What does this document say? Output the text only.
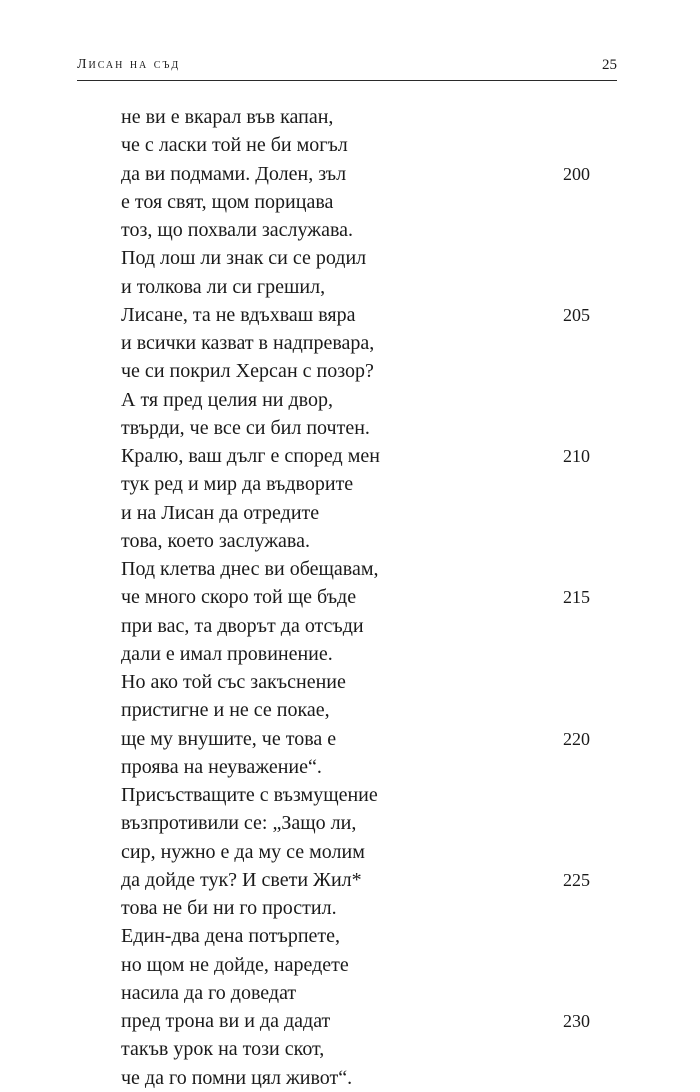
Лисан на съд	25
не ви е вкарал във капан,
че с ласки той не би могъл
да ви подмами. Долен, зъл	200
е тоя свят, щом порицава
тоз, що похвали заслужава.
Под лош ли знак си се родил
и толкова ли си грешил,
Лисане, та не вдъхваш вяра	205
и всички казват в надпревара,
че си покрил Херсан с позор?
А тя пред целия ни двор,
твърди, че все си бил почтен.
Кралю, ваш дълг е според мен	210
тук ред и мир да въдворите
и на Лисан да отредите
това, което заслужава.
Под клетва днес ви обещавам,
че много скоро той ще бъде	215
при вас, та дворът да отсъди
дали е имал провинение.
Но ако той със закъснение
пристигне и не се покае,
ще му внушите, че това е	220
проява на неуважение“.
Присъстващите с възмущение
възпротивили се: „Защо ли,
сир, нужно е да му се молим
да дойде тук? И свети Жил*	225
това не би ни го простил.
Един-два дена потърпете,
но щом не дойде, наредете
насила да го доведат
пред трона ви и да дадат	230
такъв урок на този скот,
че да го помни цял живот“.
